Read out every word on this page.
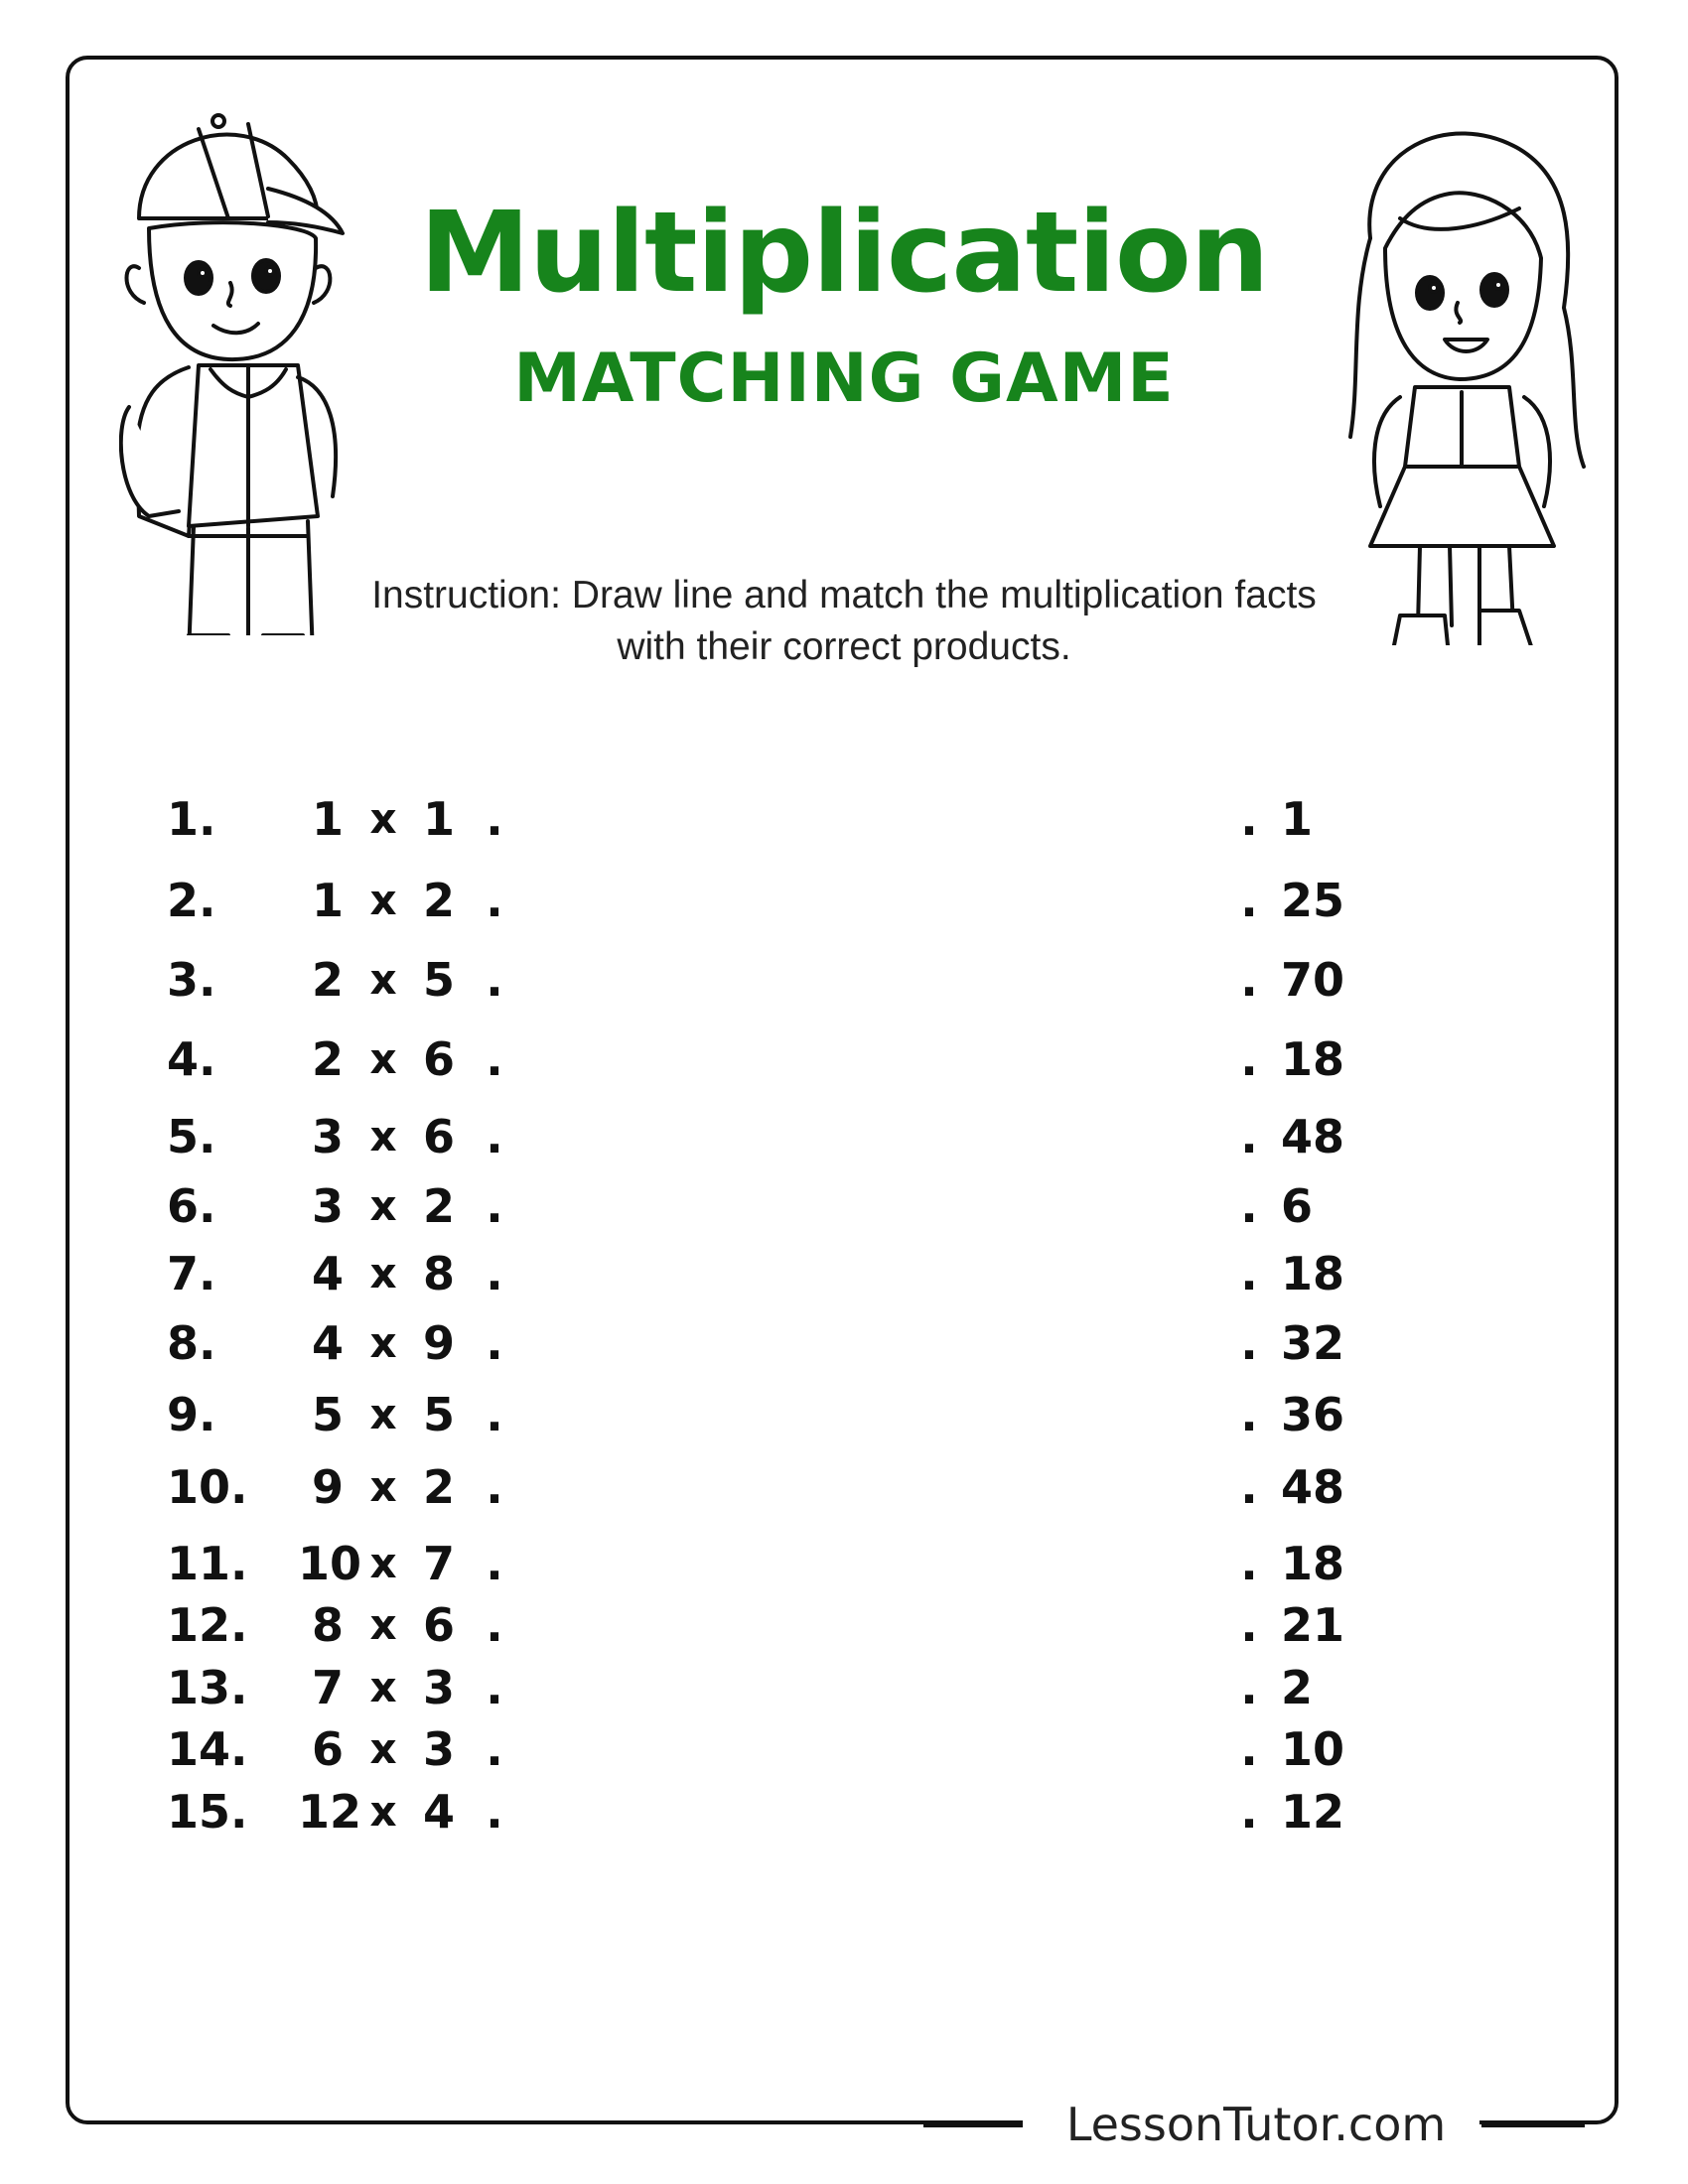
Multiplication
MATCHING GAME
Instruction: Draw line and match the multiplication facts
with their correct products.
1.	1 x 1 .	. 1
2.	1 x 2 .	. 25
3.	2 x 5 .	. 70
4.	2 x 6 .	. 18
5.	3 x 6 .	. 48
6.	3 x 2 .	. 6
7.	4 x 8 .	. 18
8.	4 x 9 .	. 32
9.	5 x 5 .	. 36
10.	9 x 2 .	. 48
11.	10 x 7 .	. 18
12.	8 x 6 .	. 21
13.	7 x 3 .	. 2
14.	6 x 3 .	. 10
15.	12 x 4 .	. 12
LessonTutor.com
